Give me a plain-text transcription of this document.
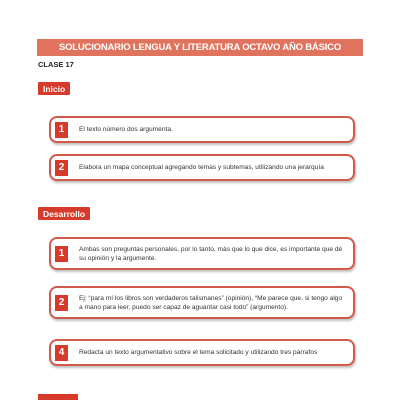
SOLUCIONARIO LENGUA Y LITERATURA OCTAVO AÑO BÁSICO
CLASE 17
Inicio
1	El texto número dos argumenta.
2	Elabora un mapa conceptual agregando temas y subtemas, utilizando una jerarquía
Desarrollo
1	Ambas son preguntas personales, por lo tanto, más que lo que dice, es importante que dé su opinión y la argumente.
2	Ej: “para mí los libros son verdaderos talismanes” (opinión), “Me parece que, si tengo algo a mano para leer, puedo ser capaz de aguantar casi todo” (argumento).
4	Redacta un texto argumentativo sobre el tema solicitado y utilizando tres párrafos
